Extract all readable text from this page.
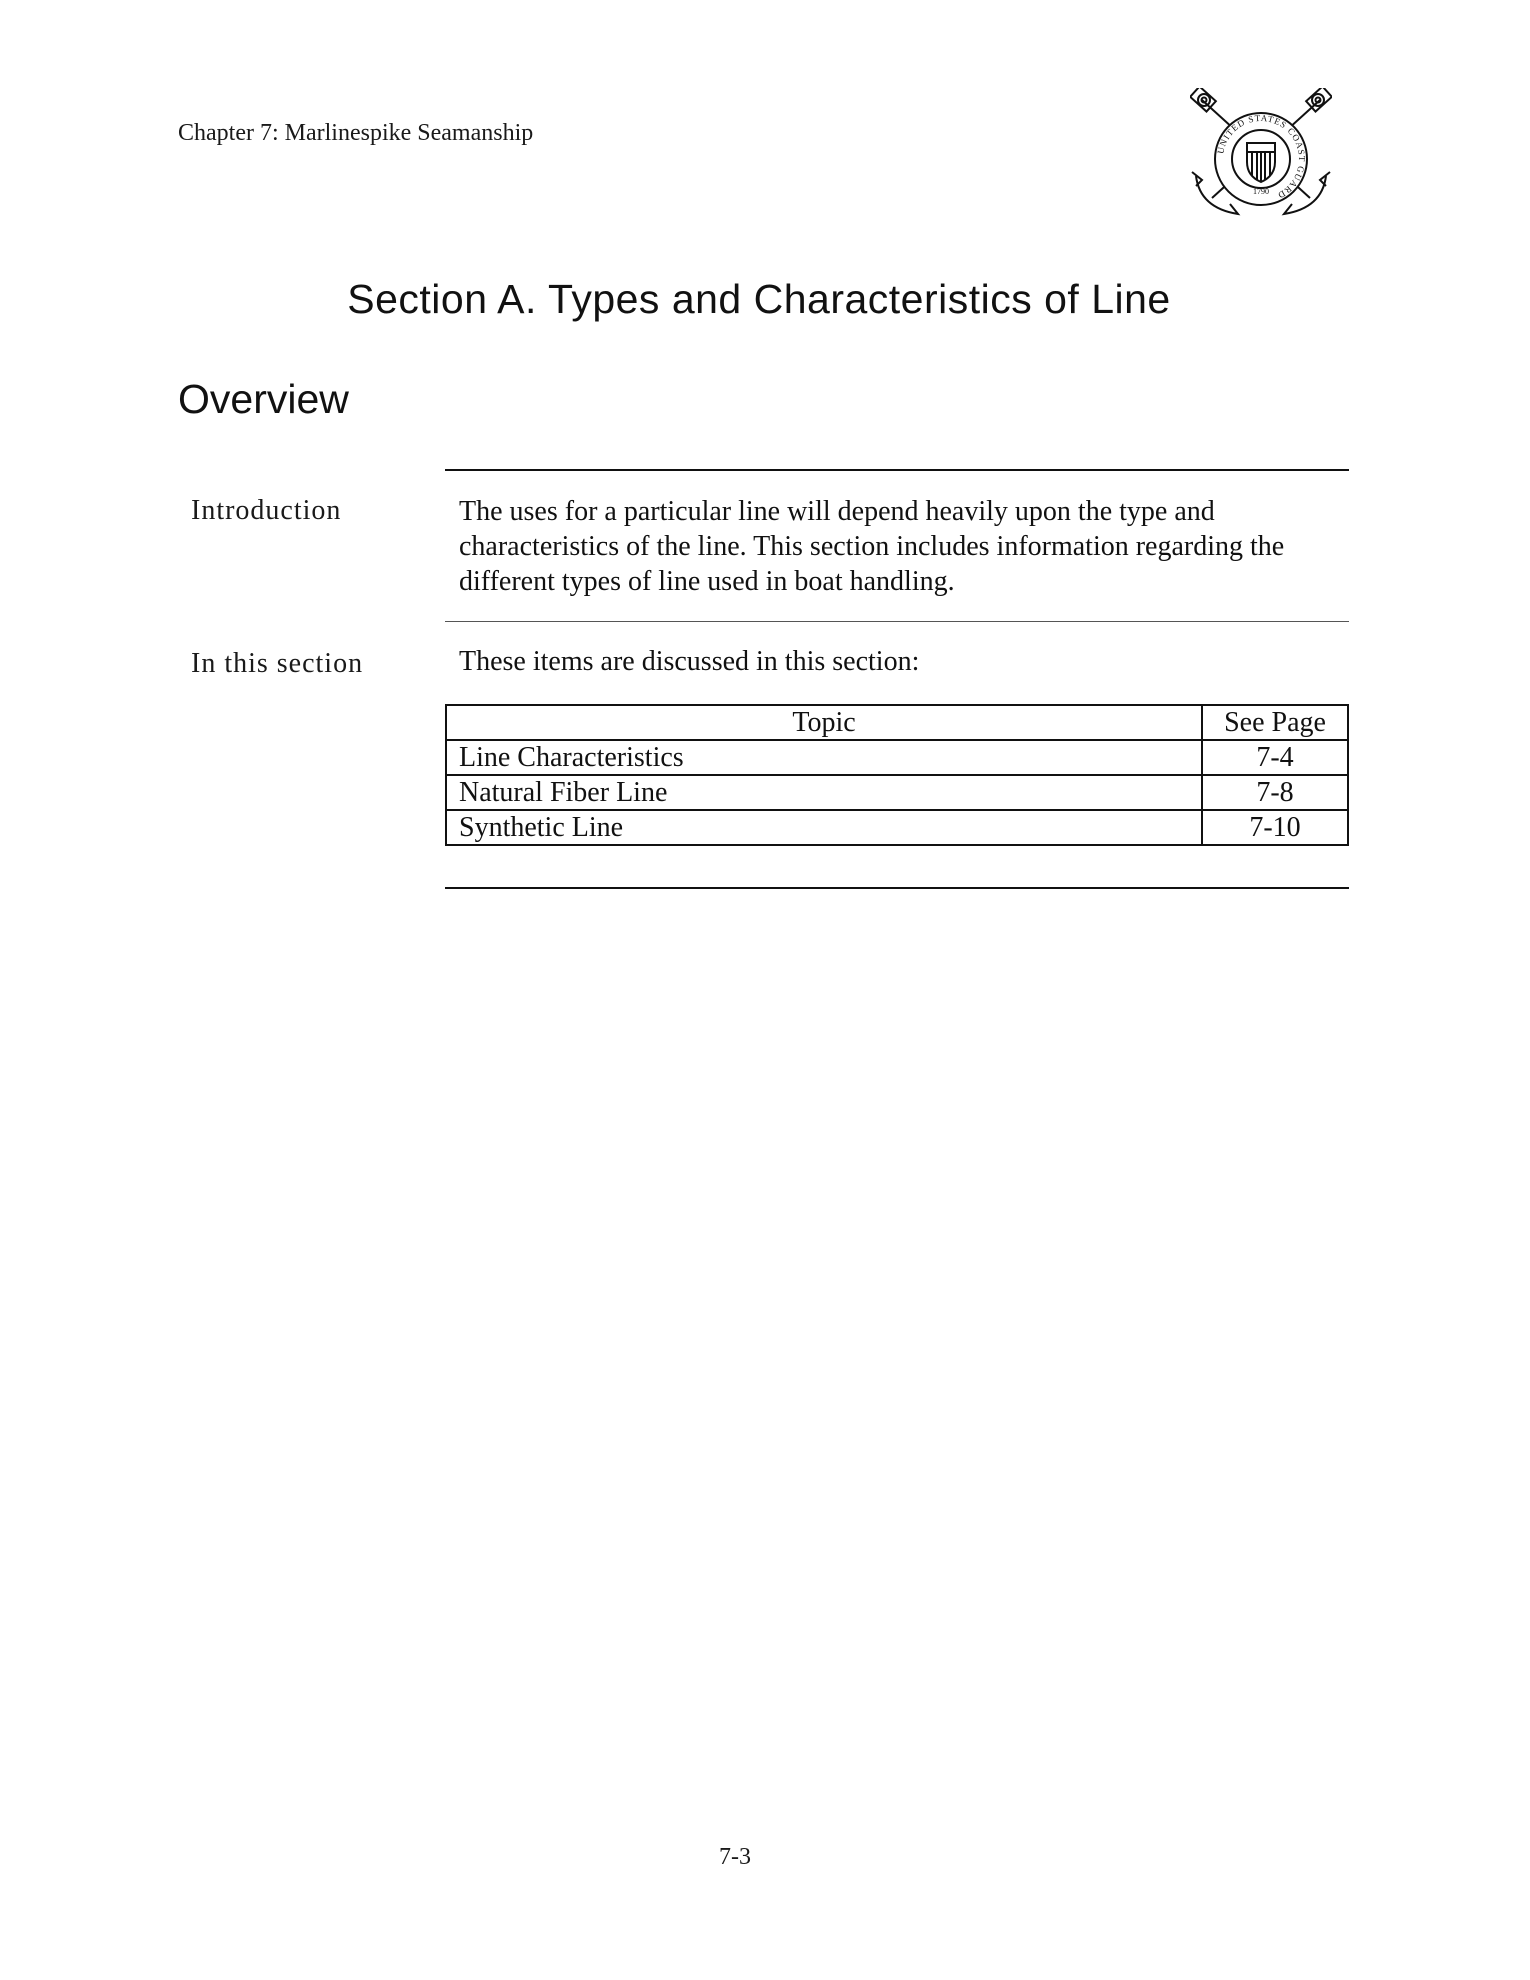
Chapter 7: Marlinespike Seamanship
UNITED STATES COAST GUARD
1790
Section A. Types and Characteristics of Line
Overview
Introduction	The uses for a particular line will depend heavily upon the type and
characteristics of the line. This section includes information regarding the
different types of line used in boat handling.
In this section	These items are discussed in this section:
Topic	See Page
Line Characteristics	7-4
Natural Fiber Line	7-8
Synthetic Line	7-10
7-3
